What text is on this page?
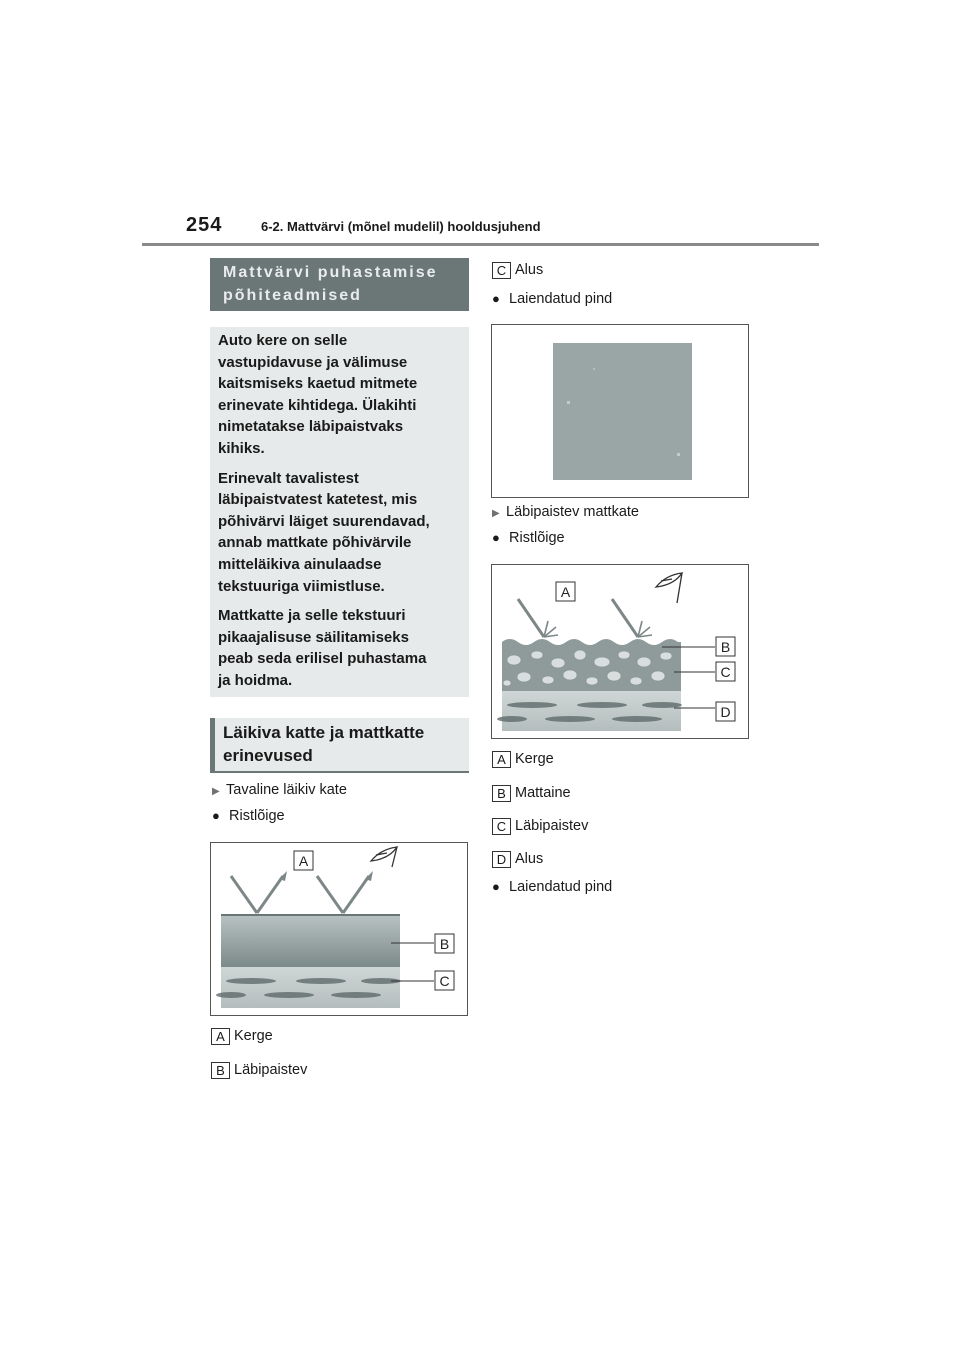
254	6-2. Mattvärvi (mõnel mudelil) hooldusjuhend
Mattvärvi puhastamise
põhiteadmised

Auto kere on selle
vastupidavuse ja välimuse
kaitsmiseks kaetud mitmete
erinevate kihtidega. Ülakihti
nimetatakse läbipaistvaks
kihiks.

Erinevalt tavalistest
läbipaistvatest katetest, mis
põhivärvi läiget suurendavad,
annab mattkate põhivärvile
mitteläikiva ainulaadse
tekstuuriga viimistluse.

Mattkatte ja selle tekstuuri
pikaajalisuse säilitamiseks
peab seda erilisel puhastama
ja hoidma.

Läikiva katte ja mattkatte
erinevused
▶ Tavaline läikiv kate
● Ristlõige
A
B
C
A Kerge
B Läbipaistev
C Alus
● Laiendatud pind
▶ Läbipaistev mattkate
● Ristlõige
A
B
C
D
A Kerge
B Mattaine
C Läbipaistev
D Alus
● Laiendatud pind
